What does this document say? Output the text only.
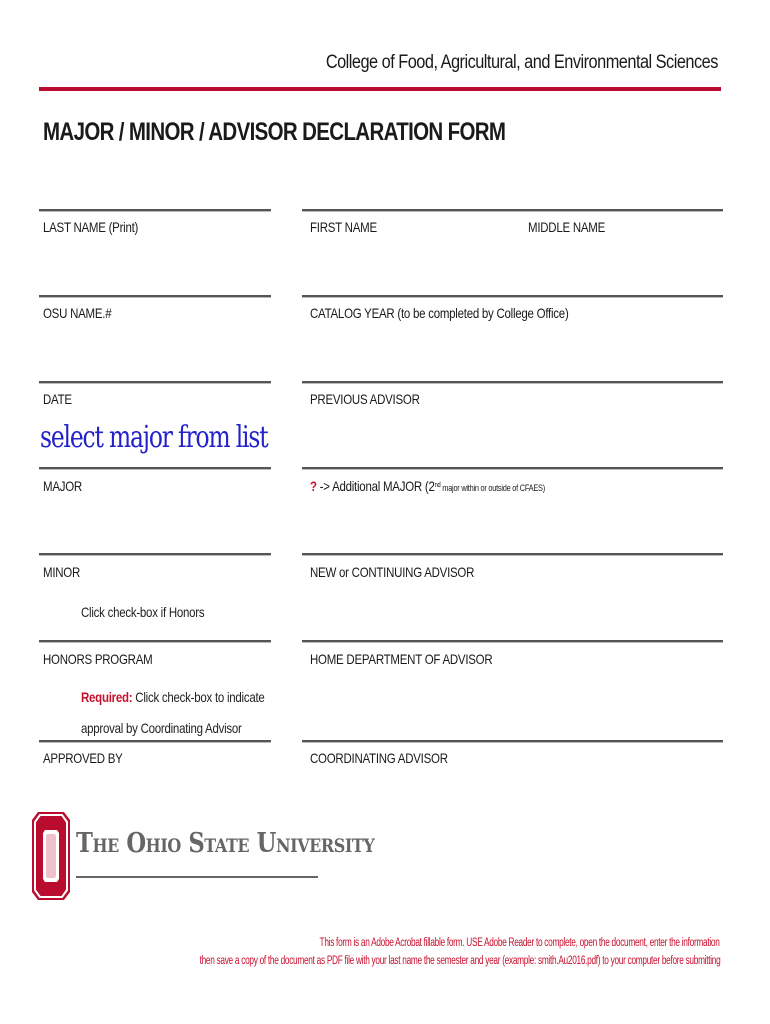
College of Food, Agricultural, and Environmental Sciences
MAJOR / MINOR / ADVISOR DECLARATION FORM
LAST NAME (Print)	FIRST NAME	MIDDLE NAME
OSU NAME.#	CATALOG YEAR (to be completed by College Office)
DATE	PREVIOUS ADVISOR
select major from list
MAJOR	? -> Additional MAJOR (2nd major within or outside of CFAES)
MINOR	NEW or CONTINUING ADVISOR
Click check-box if Honors
HONORS PROGRAM	HOME DEPARTMENT OF ADVISOR
Required: Click check-box to indicate
approval by Coordinating Advisor
APPROVED BY	COORDINATING ADVISOR
The Ohio State University
This form is an Adobe Acrobat fillable form. USE Adobe Reader to complete, open the document, enter the information
then save a copy of the document as PDF file with your last name the semester and year (example: smith.Au2016.pdf) to your computer before submitting
